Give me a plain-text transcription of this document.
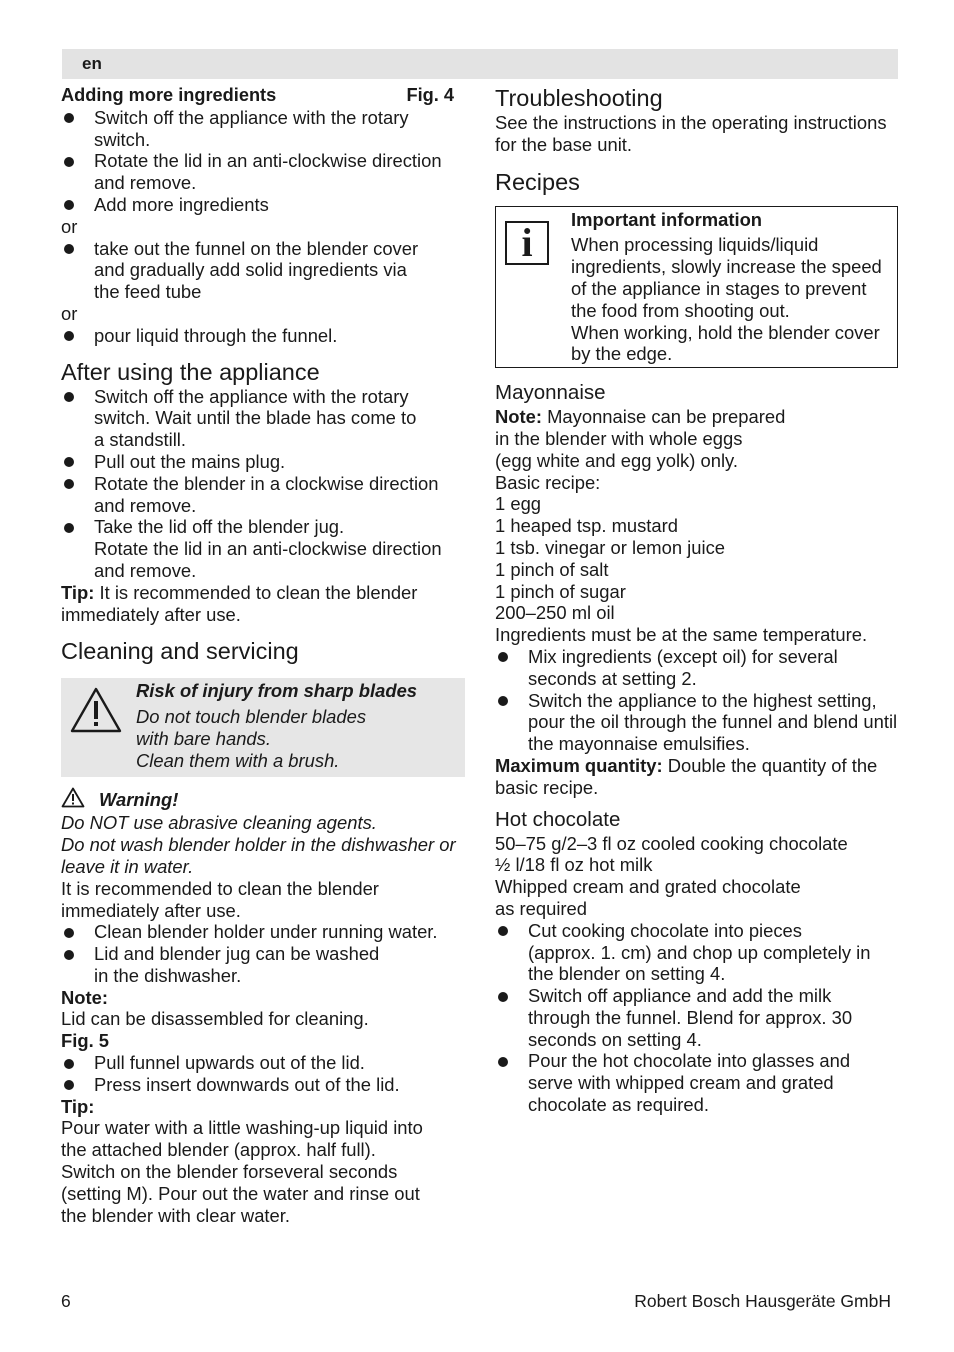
en
Adding more ingredients	Fig. 4
Switch off the appliance with the rotary switch.
Rotate the lid in an anti-clockwise direction and remove.
Add more ingredients

or

take out the funnel on the blender cover and gradually add solid ingredients via the feed tube

or

pour liquid through the funnel.
After using the appliance
Switch off the appliance with the rotary switch. Wait until the blade has come to a standstill.
Pull out the mains plug.
Rotate the blender in a clockwise direction and remove.
Take the lid off the blender jug.
Rotate the lid in an anti-clockwise direction and remove.

Tip: It is recommended to clean the blender immediately after use.

Cleaning and servicing
Risk of injury from sharp blades
Do not touch blender blades
with bare hands.
Clean them with a brush.
Warning!

Do NOT use abrasive cleaning agents.

Do not wash blender holder in the dishwasher or leave it in water.

It is recommended to clean the blender immediately after use.

Clean blender holder under running water.
Lid and blender jug can be washed in the dishwasher.

Note:

Lid can be disassembled for cleaning.

Fig. 5

Pull funnel upwards out of the lid.
Press insert downwards out of the lid.

Tip:

Pour water with a little washing-up liquid into the attached blender (approx. half full).

Switch on the blender forseveral seconds (setting M). Pour out the water and rinse out the blender with clear water.

Troubleshooting

See the instructions in the operating instructions for the base unit.

Recipes
i
Important information
When processing liquids/liquid ingredients, slowly increase the speed of the appliance in stages to prevent the food from shooting out.
When working, hold the blender cover by the edge.
Mayonnaise

Note: Mayonnaise can be prepared
in the blender with whole eggs
(egg white and egg yolk) only.

Basic recipe:

1 egg

1 heaped tsp. mustard

1 tsb. vinegar or lemon juice

1 pinch of salt

1 pinch of sugar

200–250 ml oil

Ingredients must be at the same temperature.

Mix ingredients (except oil) for several seconds at setting 2.
Switch the appliance to the highest setting, pour the oil through the funnel and blend until the mayonnaise emulsifies.

Maximum quantity: Double the quantity of the basic recipe.

Hot chocolate

50–75 g/2–3 fl oz cooled cooking chocolate

½ l/18 fl oz hot milk

Whipped cream and grated chocolate

as required

Cut cooking chocolate into pieces (approx. 1. cm) and chop up completely in the blender on setting 4.
Switch off appliance and add the milk through the funnel. Blend for approx. 30 seconds on setting 4.
Pour the hot chocolate into glasses and serve with whipped cream and grated chocolate as required.
6	Robert Bosch Hausgeräte GmbH
